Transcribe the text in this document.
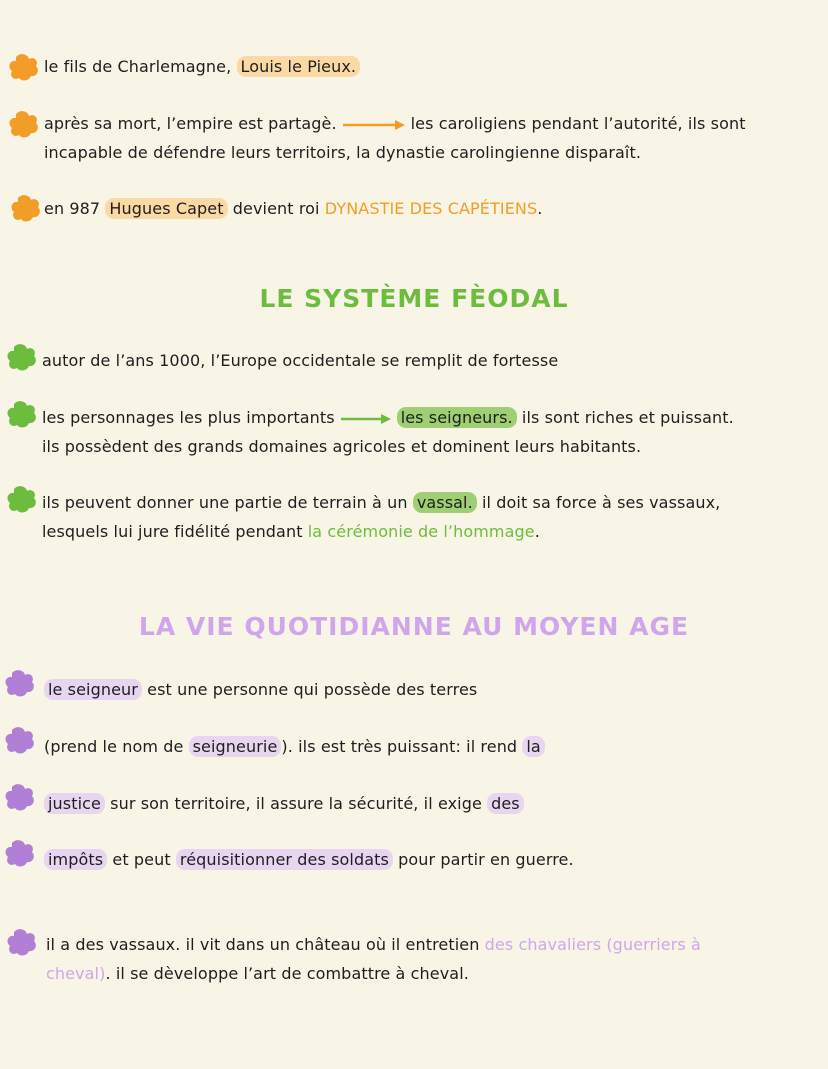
le fils de Charlemagne, Louis le Pieux.
après sa mort, l’empire est partagè.	les caroligiens pendant l’autorité, ils sont
incapable de défendre leurs territoirs, la dynastie carolingienne disparaît.
en 987 Hugues Capet devient roi DYNASTIE DES CAPÉTIENS.
LE SYSTÈME FÈODAL
autor de l’ans 1000, l’Europe occidentale se remplit de fortesse
les personnages les plus importants	les seigneurs. ils sont riches et puissant.
ils possèdent des grands domaines agricoles et dominent leurs habitants.
ils peuvent donner une partie de terrain à un vassal. il doit sa force à ses vassaux,
lesquels lui jure fidélité pendant la cérémonie de l’hommage.
LA VIE QUOTIDIANNE AU MOYEN AGE
le seigneur est une personne qui possède des terres
(prend le nom de seigneurie ). ils est très puissant: il rend la
justice sur son territoire, il assure la sécurité, il exige des
impôts et peut réquisitionner des soldats pour partir en guerre.
il a des vassaux. il vit dans un château où il entretien des chavaliers (guerriers à
cheval). il se dèveloppe l’art de combattre à cheval.
